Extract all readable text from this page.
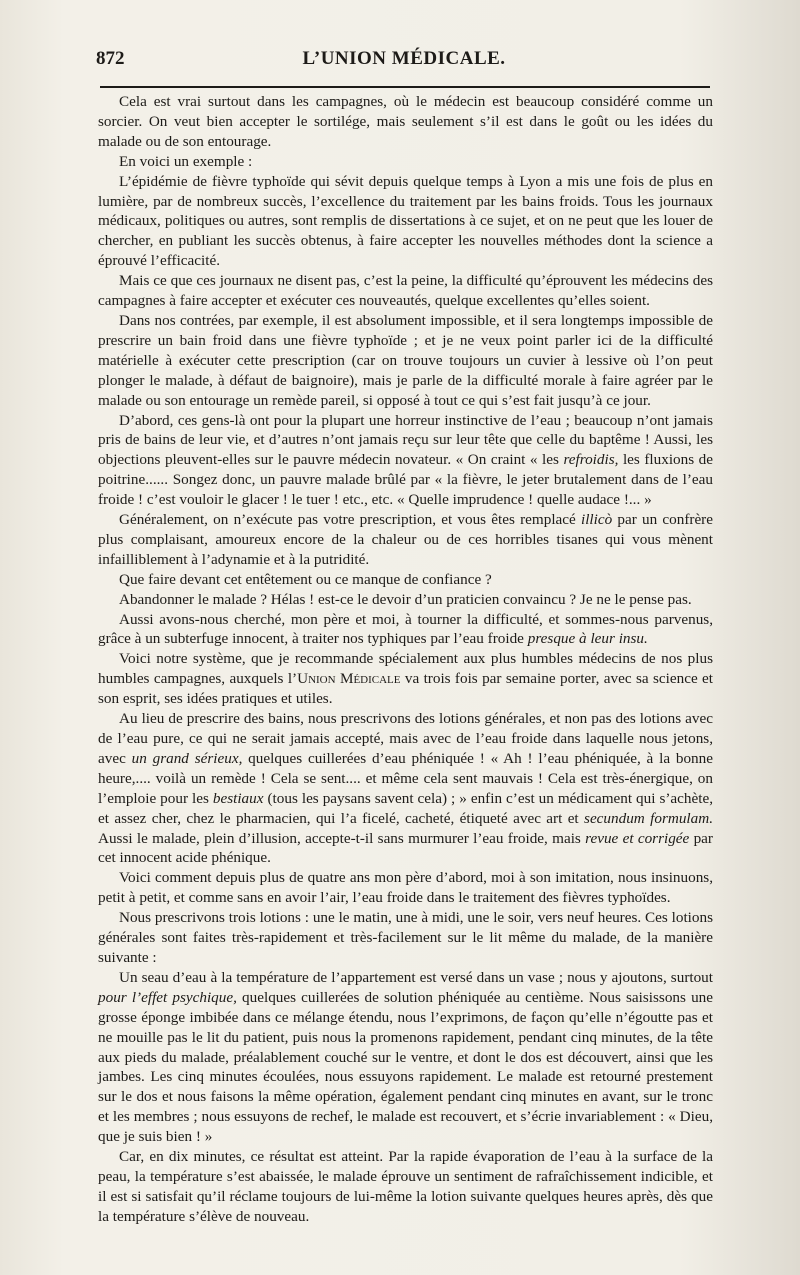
872	L’UNION MÉDICALE.

Cela est vrai surtout dans les campagnes, où le médecin est beaucoup considéré comme un sorcier. On veut bien accepter le sortilége, mais seulement s’il est dans le goût ou les idées du malade ou de son entourage.

En voici un exemple :

L’épidémie de fièvre typhoïde qui sévit depuis quelque temps à Lyon a mis une fois de plus en lumière, par de nombreux succès, l’excellence du traitement par les bains froids. Tous les journaux médicaux, politiques ou autres, sont remplis de dissertations à ce sujet, et on ne peut que les louer de chercher, en publiant les succès obtenus, à faire accepter les nouvelles méthodes dont la science a éprouvé l’efficacité.

Mais ce que ces journaux ne disent pas, c’est la peine, la difficulté qu’éprouvent les médecins des campagnes à faire accepter et exécuter ces nouveautés, quelque excellentes qu’elles soient.

Dans nos contrées, par exemple, il est absolument impossible, et il sera longtemps impossible de prescrire un bain froid dans une fièvre typhoïde ; et je ne veux point parler ici de la difficulté matérielle à exécuter cette prescription (car on trouve toujours un cuvier à lessive où l’on peut plonger le malade, à défaut de baignoire), mais je parle de la difficulté morale à faire agréer par le malade ou son entourage un remède pareil, si opposé à tout ce qui s’est fait jusqu’à ce jour.

D’abord, ces gens-là ont pour la plupart une horreur instinctive de l’eau ; beaucoup n’ont jamais pris de bains de leur vie, et d’autres n’ont jamais reçu sur leur tête que celle du baptême ! Aussi, les objections pleuvent-elles sur le pauvre médecin novateur. « On craint « les refroidis, les fluxions de poitrine...... Songez donc, un pauvre malade brûlé par « la fièvre, le jeter brutalement dans de l’eau froide ! c’est vouloir le glacer ! le tuer ! etc., etc. « Quelle imprudence ! quelle audace !... »

Généralement, on n’exécute pas votre prescription, et vous êtes remplacé illicò par un confrère plus complaisant, amoureux encore de la chaleur ou de ces horribles tisanes qui vous mènent infailliblement à l’adynamie et à la putridité.

Que faire devant cet entêtement ou ce manque de confiance ?

Abandonner le malade ? Hélas ! est-ce le devoir d’un praticien convaincu ? Je ne le pense pas.

Aussi avons-nous cherché, mon père et moi, à tourner la difficulté, et sommes-nous parvenus, grâce à un subterfuge innocent, à traiter nos typhiques par l’eau froide presque à leur insu.

Voici notre système, que je recommande spécialement aux plus humbles médecins de nos plus humbles campagnes, auxquels l’Union Médicale va trois fois par semaine porter, avec sa science et son esprit, ses idées pratiques et utiles.

Au lieu de prescrire des bains, nous prescrivons des lotions générales, et non pas des lotions avec de l’eau pure, ce qui ne serait jamais accepté, mais avec de l’eau froide dans laquelle nous jetons, avec un grand sérieux, quelques cuillerées d’eau phéniquée ! « Ah ! l’eau phéniquée, à la bonne heure,.... voilà un remède ! Cela se sent.... et même cela sent mauvais ! Cela est très-énergique, on l’emploie pour les bestiaux (tous les paysans savent cela) ; » enfin c’est un médicament qui s’achète, et assez cher, chez le pharmacien, qui l’a ficelé, cacheté, étiqueté avec art et secundum formulam. Aussi le malade, plein d’illusion, accepte-t-il sans murmurer l’eau froide, mais revue et corrigée par cet innocent acide phénique.

Voici comment depuis plus de quatre ans mon père d’abord, moi à son imitation, nous insinuons, petit à petit, et comme sans en avoir l’air, l’eau froide dans le traitement des fièvres typhoïdes.

Nous prescrivons trois lotions : une le matin, une à midi, une le soir, vers neuf heures. Ces lotions générales sont faites très-rapidement et très-facilement sur le lit même du malade, de la manière suivante :

Un seau d’eau à la température de l’appartement est versé dans un vase ; nous y ajoutons, surtout pour l’effet psychique, quelques cuillerées de solution phéniquée au centième. Nous saisissons une grosse éponge imbibée dans ce mélange étendu, nous l’exprimons, de façon qu’elle n’égoutte pas et ne mouille pas le lit du patient, puis nous la promenons rapidement, pendant cinq minutes, de la tête aux pieds du malade, préalablement couché sur le ventre, et dont le dos est découvert, ainsi que les jambes. Les cinq minutes écoulées, nous essuyons rapidement. Le malade est retourné prestement sur le dos et nous faisons la même opération, également pendant cinq minutes en avant, sur le tronc et les membres ; nous essuyons de rechef, le malade est recouvert, et s’écrie invariablement : « Dieu, que je suis bien ! »

Car, en dix minutes, ce résultat est atteint. Par la rapide évaporation de l’eau à la surface de la peau, la température s’est abaissée, le malade éprouve un sentiment de rafraîchissement indicible, et il est si satisfait qu’il réclame toujours de lui-même la lotion suivante quelques heures après, dès que la température s’élève de nouveau.
